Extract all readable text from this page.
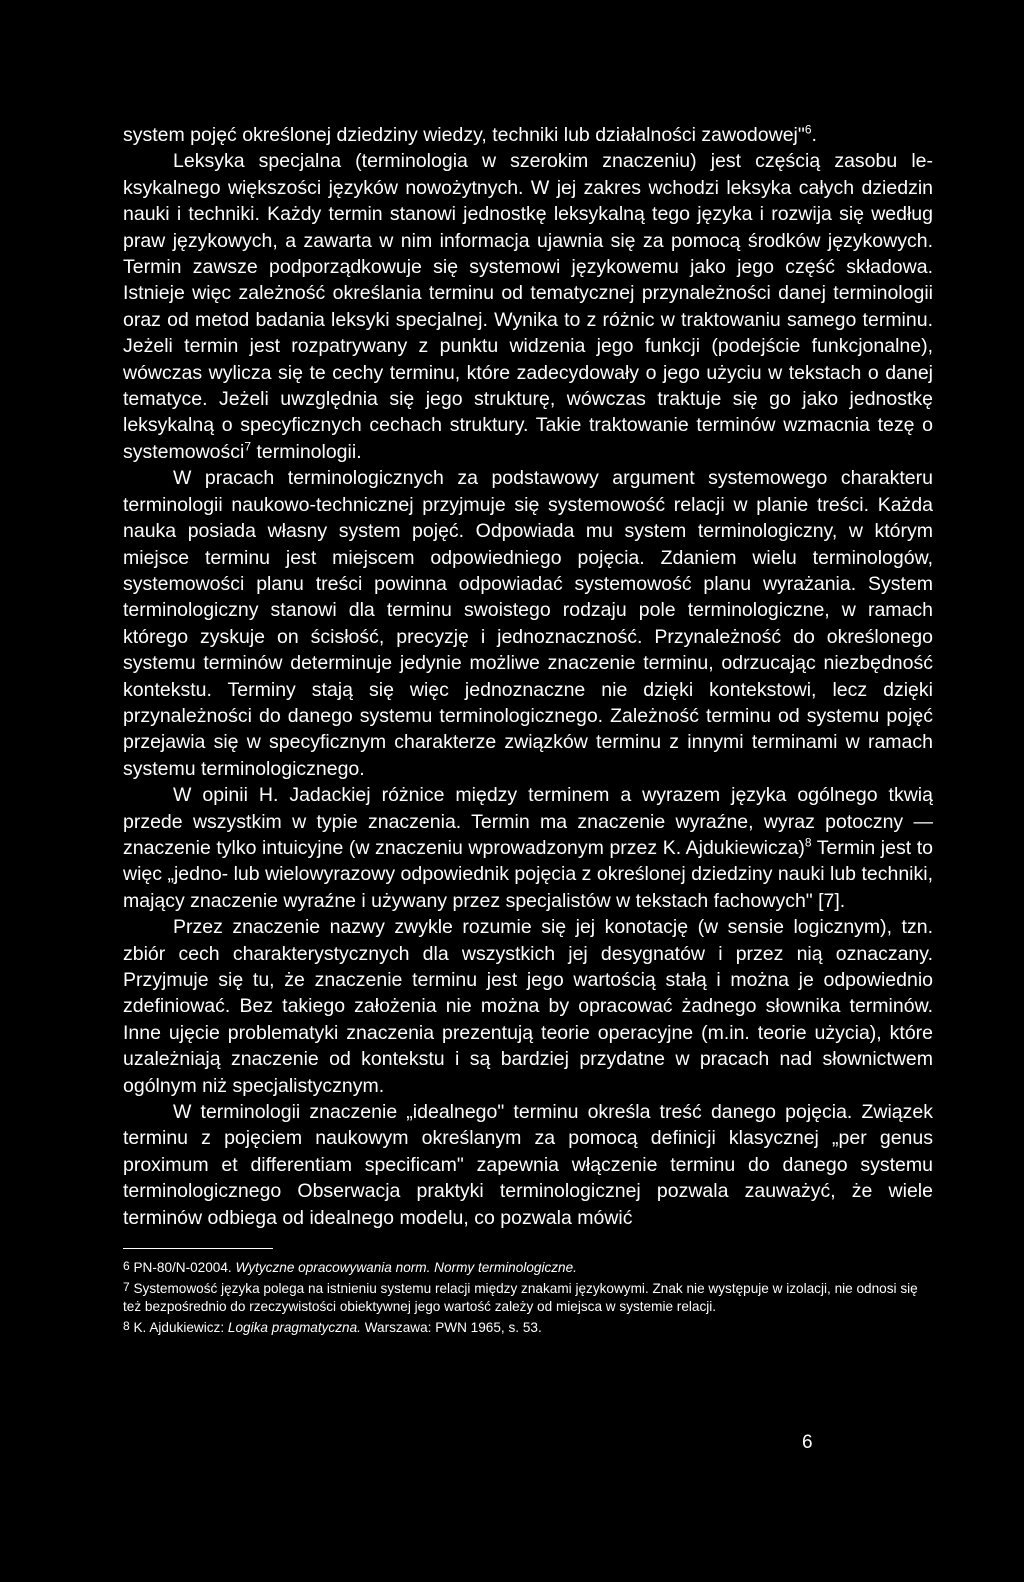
system pojęć określonej dziedziny wiedzy, techniki lub działalności zawodowej"$^6$.

Leksyka specjalna (terminologia w szerokim znaczeniu) jest częścią zasobu leksykalnego większości języków nowożytnych. W jej zakres wchodzi leksyka całych dziedzin nauki i techniki. Każdy termin stanowi jednostkę leksykalną tego języka i rozwija się według praw językowych, a zawarta w nim informacja ujawnia się za pomocą środków językowych. Termin zawsze podporządkowuje się systemowi językowemu jako jego część składowa. Istnieje więc zależność określania terminu od tematycznej przynależności danej terminologii oraz od metod badania leksyki specjalnej. Wynika to z różnic w traktowaniu samego terminu. Jeżeli termin jest rozpatrywany z punktu widzenia jego funkcji (podejście funkcjonalne), wówczas wylicza się te cechy terminu, które zadecydowały o jego użyciu w tekstach o danej tematyce. Jeżeli uwzględnia się jego strukturę, wówczas traktuje się go jako jednostkę leksykalną o specyficznych cechach struktury. Takie traktowanie terminów wzmacnia tezę o systemowości$^7$ terminologii.

W pracach terminologicznych za podstawowy argument systemowego charakteru terminologii naukowo-technicznej przyjmuje się systemowość relacji w planie treści. Każda nauka posiada własny system pojęć. Odpowiada mu system terminologiczny, w którym miejsce terminu jest miejscem odpowiedniego pojęcia. Zdaniem wielu terminologów, systemowości planu treści powinna odpowiadać systemowość planu wyrażania. System terminologiczny stanowi dla terminu swoistego rodzaju pole terminologiczne, w ramach którego zyskuje on ścisłość, precyzję i jednoznaczność. Przynależność do określonego systemu terminów determinuje jedynie możliwe znaczenie terminu, odrzucając niezbędność kontekstu. Terminy stają się więc jednoznaczne nie dzięki kontekstowi, lecz dzięki przynależności do danego systemu terminologicznego. Zależność terminu od systemu pojęć przejawia się w specyficznym charakterze związków terminu z innymi terminami w ramach systemu terminologicznego.

W opinii H. Jadackiej różnice między terminem a wyrazem języka ogólnego tkwią przede wszystkim w typie znaczenia. Termin ma znaczenie wyraźne, wyraz potoczny — znaczenie tylko intuicyjne (w znaczeniu wprowadzonym przez K. Ajdukiewicza)$^8$ Termin jest to więc „jedno- lub wielowyrazowy odpowiednik pojęcia z określonej dziedziny nauki lub techniki, mający znaczenie wyraźne i używany przez specjalistów w tekstach fachowych" [7].

Przez znaczenie nazwy zwykle rozumie się jej konotację (w sensie logicznym), tzn. zbiór cech charakterystycznych dla wszystkich jej desygnatów i przez nią oznaczany. Przyjmuje się tu, że znaczenie terminu jest jego wartością stałą i można je odpowiednio zdefiniować. Bez takiego założenia nie można by opracować żadnego słownika terminów. Inne ujęcie problematyki znaczenia prezentują teorie operacyjne (m.in. teorie użycia), które uzależniają znaczenie od kontekstu i są bardziej przydatne w pracach nad słownictwem ogólnym niż specjalistycznym.

W terminologii znaczenie „idealnego" terminu określa treść danego pojęcia. Związek terminu z pojęciem naukowym określanym za pomocą definicji klasycznej „per genus proximum et differentiam specificam" zapewnia włączenie terminu do danego systemu terminologicznego Obserwacja praktyki terminologicznej pozwala zauważyć, że wiele terminów odbiega od idealnego modelu, co pozwala mówić

6 PN-80/N-02004. Wytyczne opracowywania norm. Normy terminologiczne.

7 Systemowość języka polega na istnieniu systemu relacji między znakami językowymi. Znak nie występuje w izolacji, nie odnosi się też bezpośrednio do rzeczywistości obiektywnej jego wartość zależy od miejsca w systemie relacji.

8 K. Ajdukiewicz: Logika pragmatyczna. Warszawa: PWN 1965, s. 53.

6
